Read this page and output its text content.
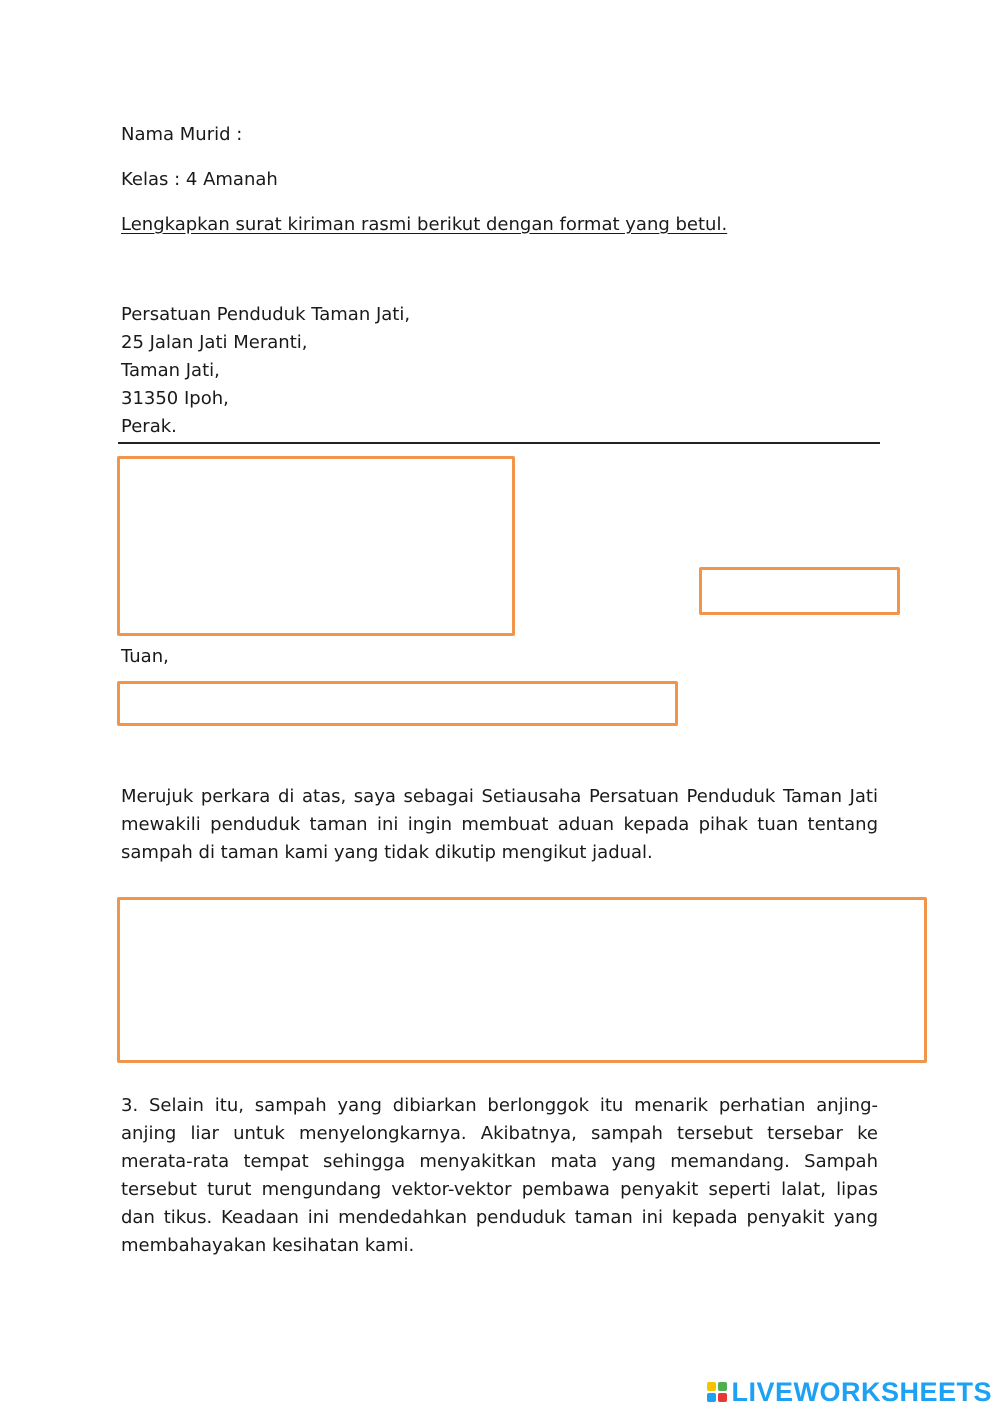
Nama Murid :
Kelas : 4 Amanah
Lengkapkan surat kiriman rasmi berikut dengan format yang betul.
Persatuan Penduduk Taman Jati,
25 Jalan Jati Meranti,
Taman Jati,
31350 Ipoh,
Perak.
Tuan,
Merujuk perkara di atas, saya sebagai Setiausaha Persatuan Penduduk Taman Jati mewakili penduduk taman ini ingin membuat aduan kepada pihak tuan tentang sampah di taman kami yang tidak dikutip mengikut jadual.
3. Selain itu, sampah yang dibiarkan berlonggok itu menarik perhatian anjing-anjing liar untuk menyelongkarnya. Akibatnya, sampah tersebut tersebar ke merata-rata tempat sehingga menyakitkan mata yang memandang. Sampah tersebut turut mengundang vektor-vektor pembawa penyakit seperti lalat, lipas dan tikus. Keadaan ini mendedahkan penduduk taman ini kepada penyakit yang membahayakan kesihatan kami.
LIVEWORKSHEETS
